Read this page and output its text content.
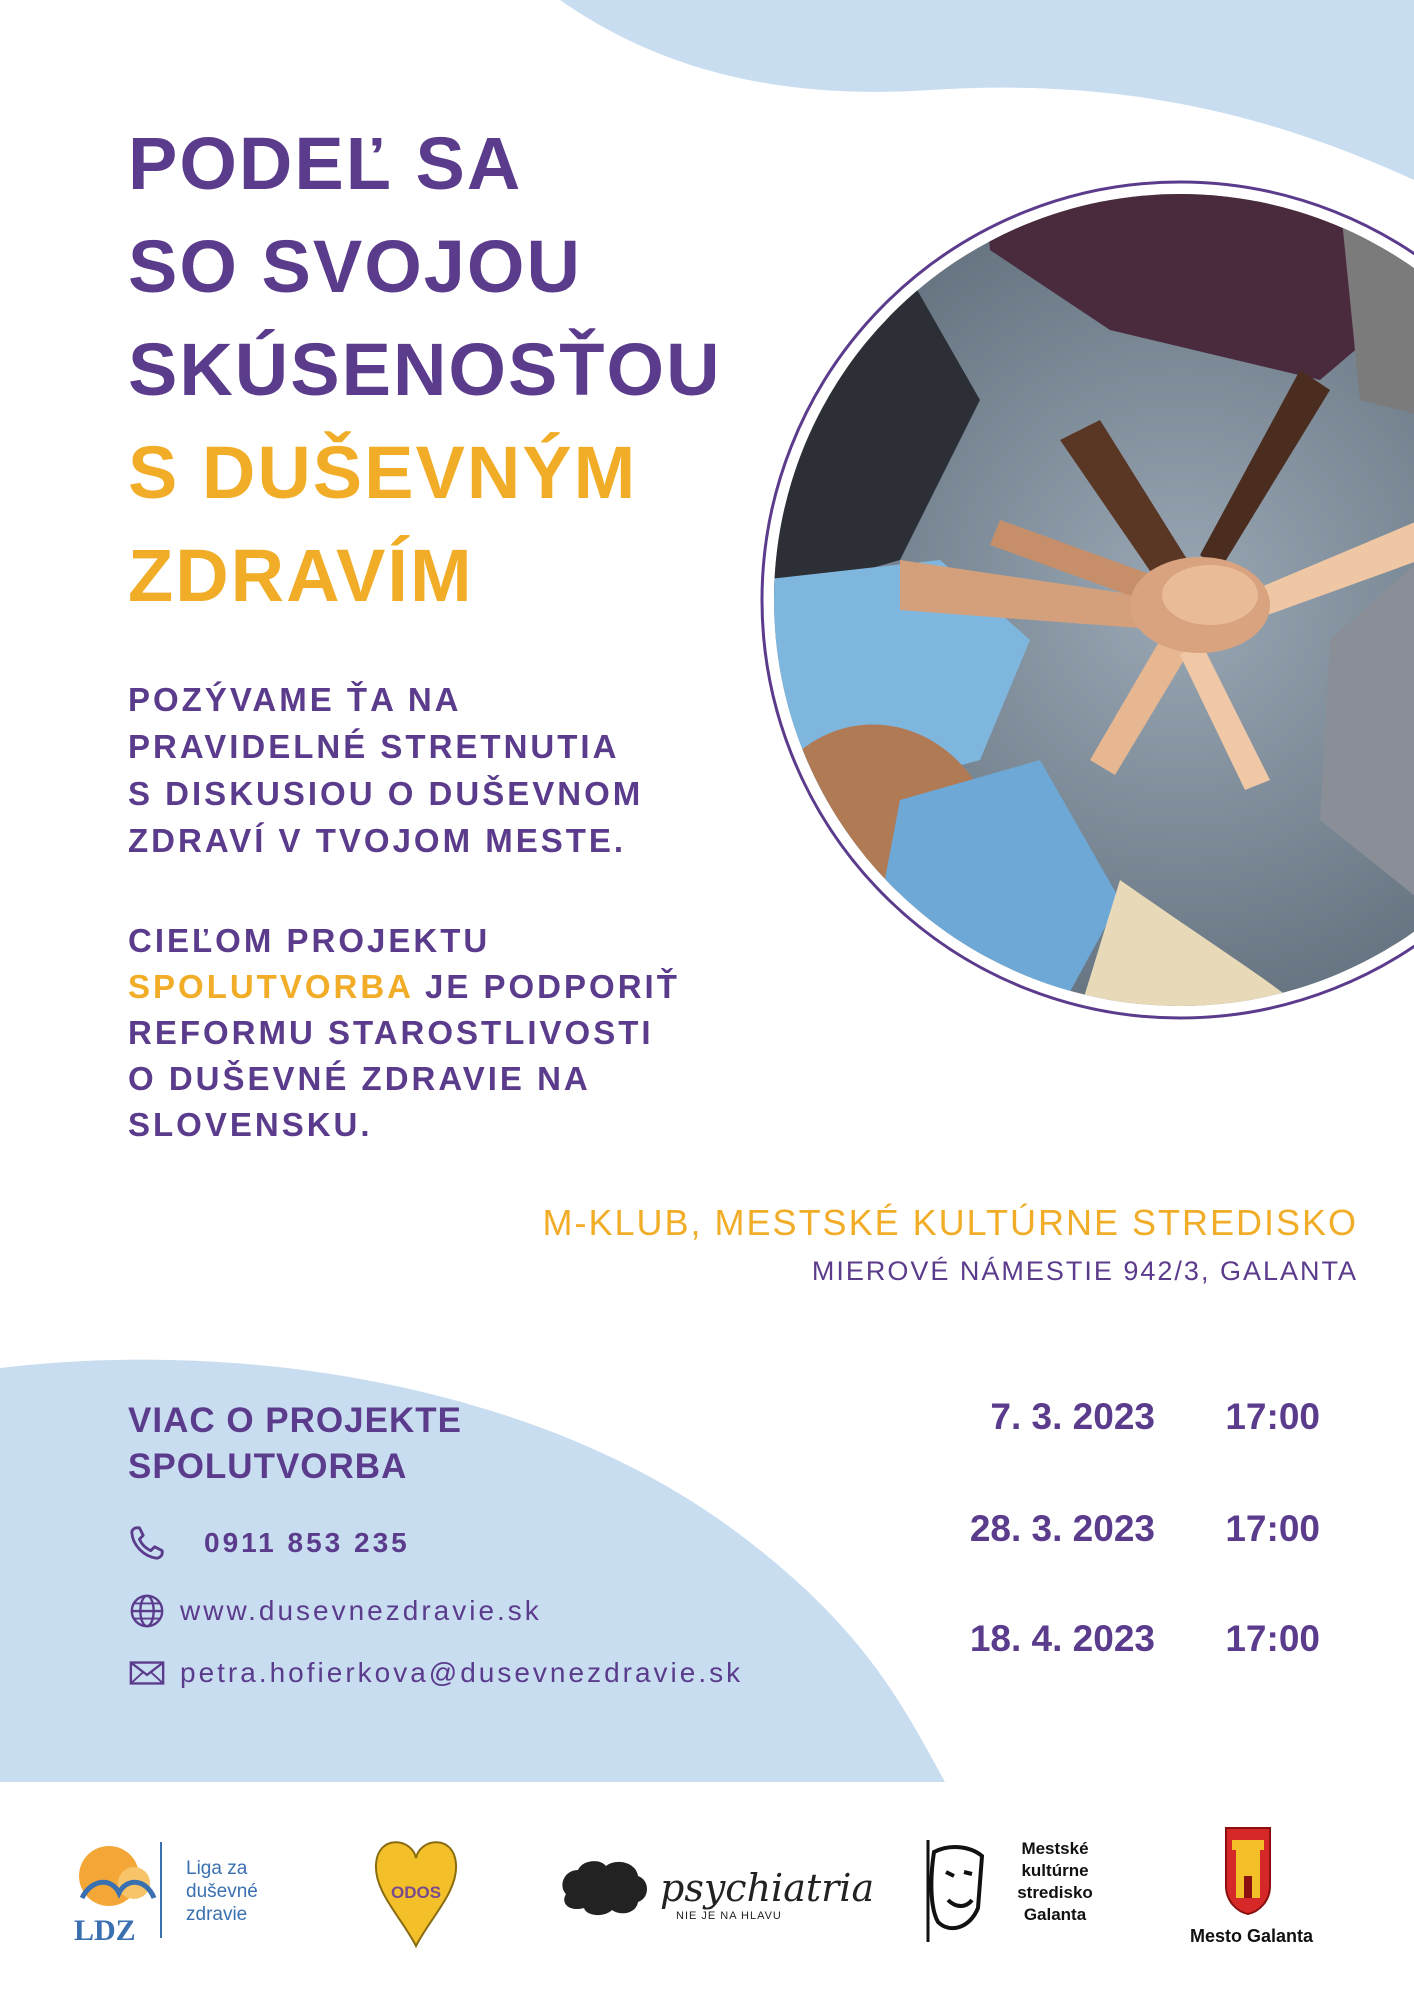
PODEĽ SA
SO SVOJOU
SKÚSENOSŤOU
S DUŠEVNÝM
ZDRAVÍM

POZÝVAME ŤA NA
PRAVIDELNÉ STRETNUTIA
S DISKUSIOU O DUŠEVNOM
ZDRAVÍ V TVOJOM MESTE.

CIEĽOM PROJEKTU
SPOLUTVORBA JE PODPORIŤ
REFORMU STAROSTLIVOSTI
O DUŠEVNÉ ZDRAVIE NA
SLOVENSKU.

M-KLUB, MESTSKÉ KULTÚRNE STREDISKO
MIEROVÉ NÁMESTIE 942/3, GALANTA
VIAC O PROJEKTE
SPOLUTVORBA
0911 853 235
www.dusevnezdravie.sk
petra.hofierkova@dusevnezdravie.sk
7. 3. 2023	17:00
28. 3. 2023	17:00
18. 4. 2023	17:00
LDZ
Liga za
duševné
zdravie
ODOS	psychiatria
NIE JE NA HLAVU
Mestské
kultúrne
stredisko
Galanta
Mesto Galanta
